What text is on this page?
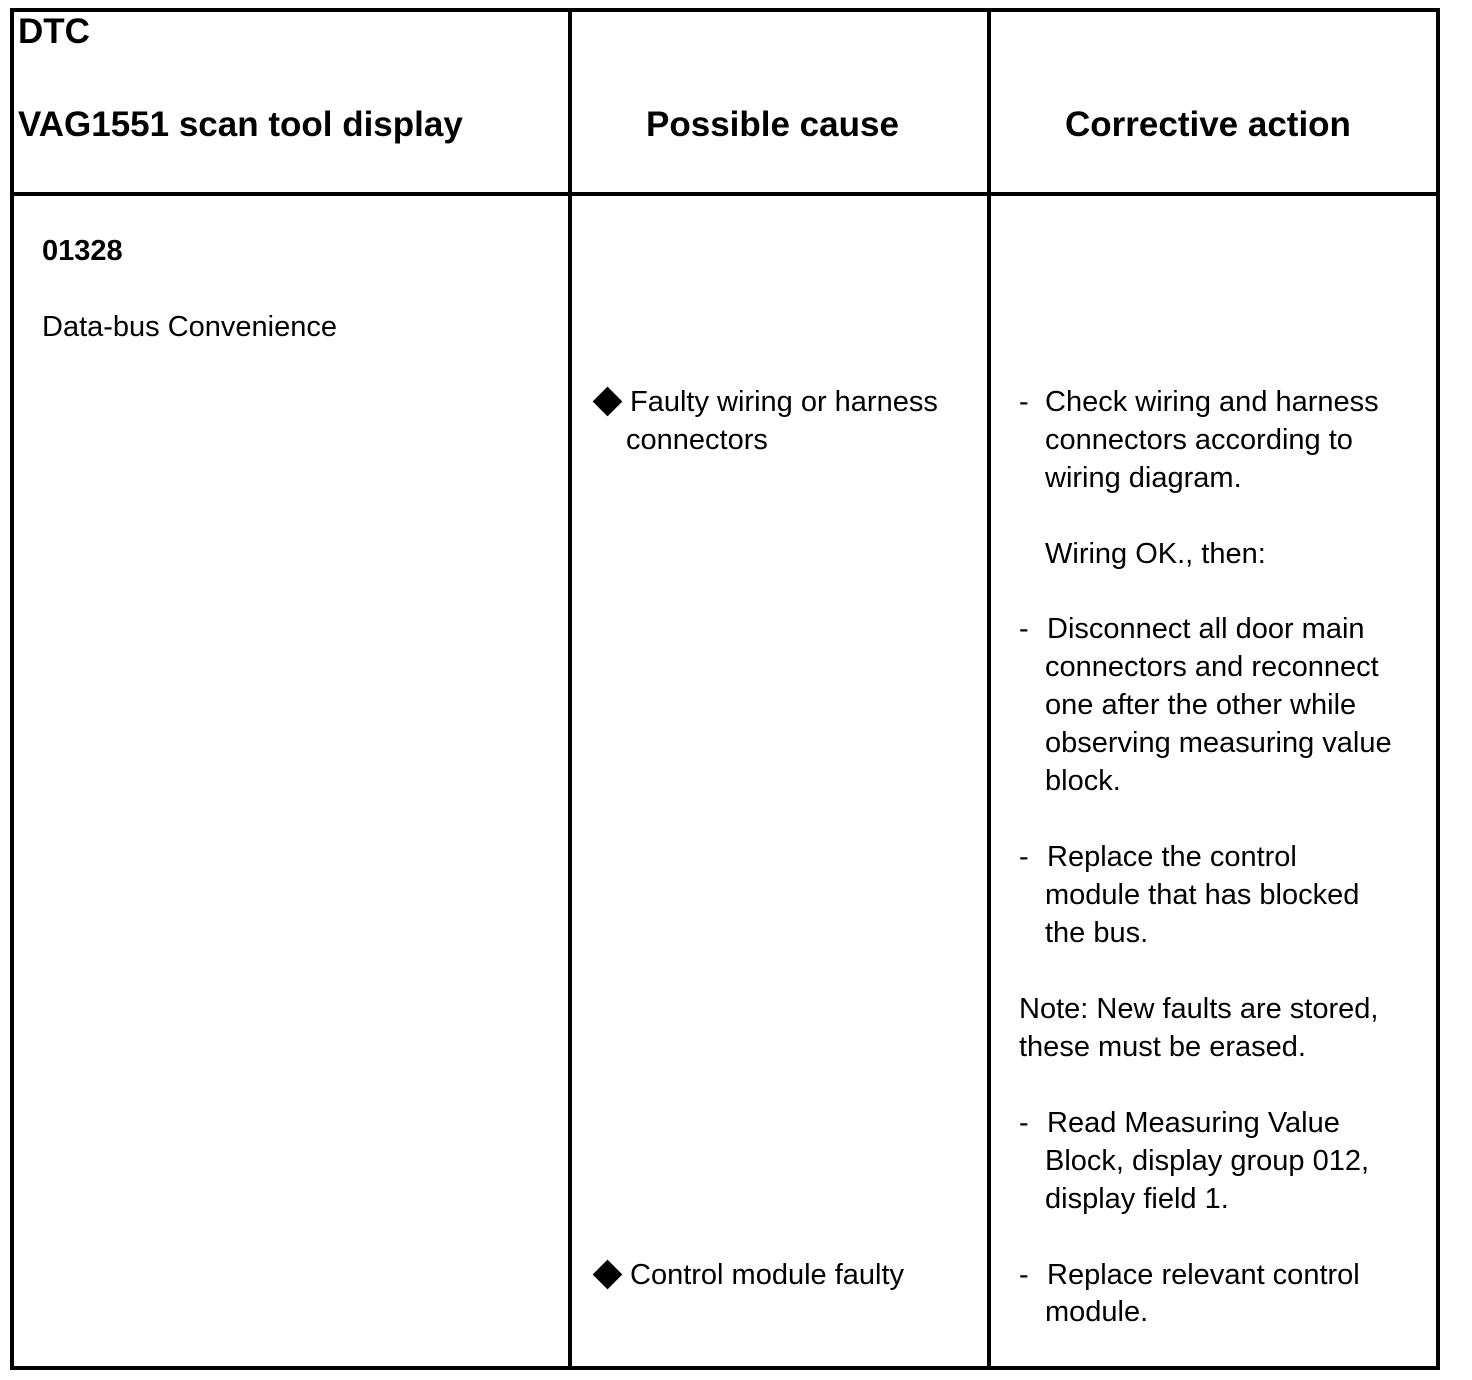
DTC
VAG1551 scan tool display	Possible cause	Corrective action
01328
Data-bus Convenience
Faulty wiring or harness
connectors
Control module faulty
- Check wiring and harness
connectors according to
wiring diagram.
Wiring OK., then:
- Disconnect all door main
connectors and reconnect
one after the other while
observing measuring value
block.
- Replace the control
module that has blocked
the bus.
Note: New faults are stored,
these must be erased.
- Read Measuring Value
Block, display group 012,
display field 1.
- Replace relevant control
module.
